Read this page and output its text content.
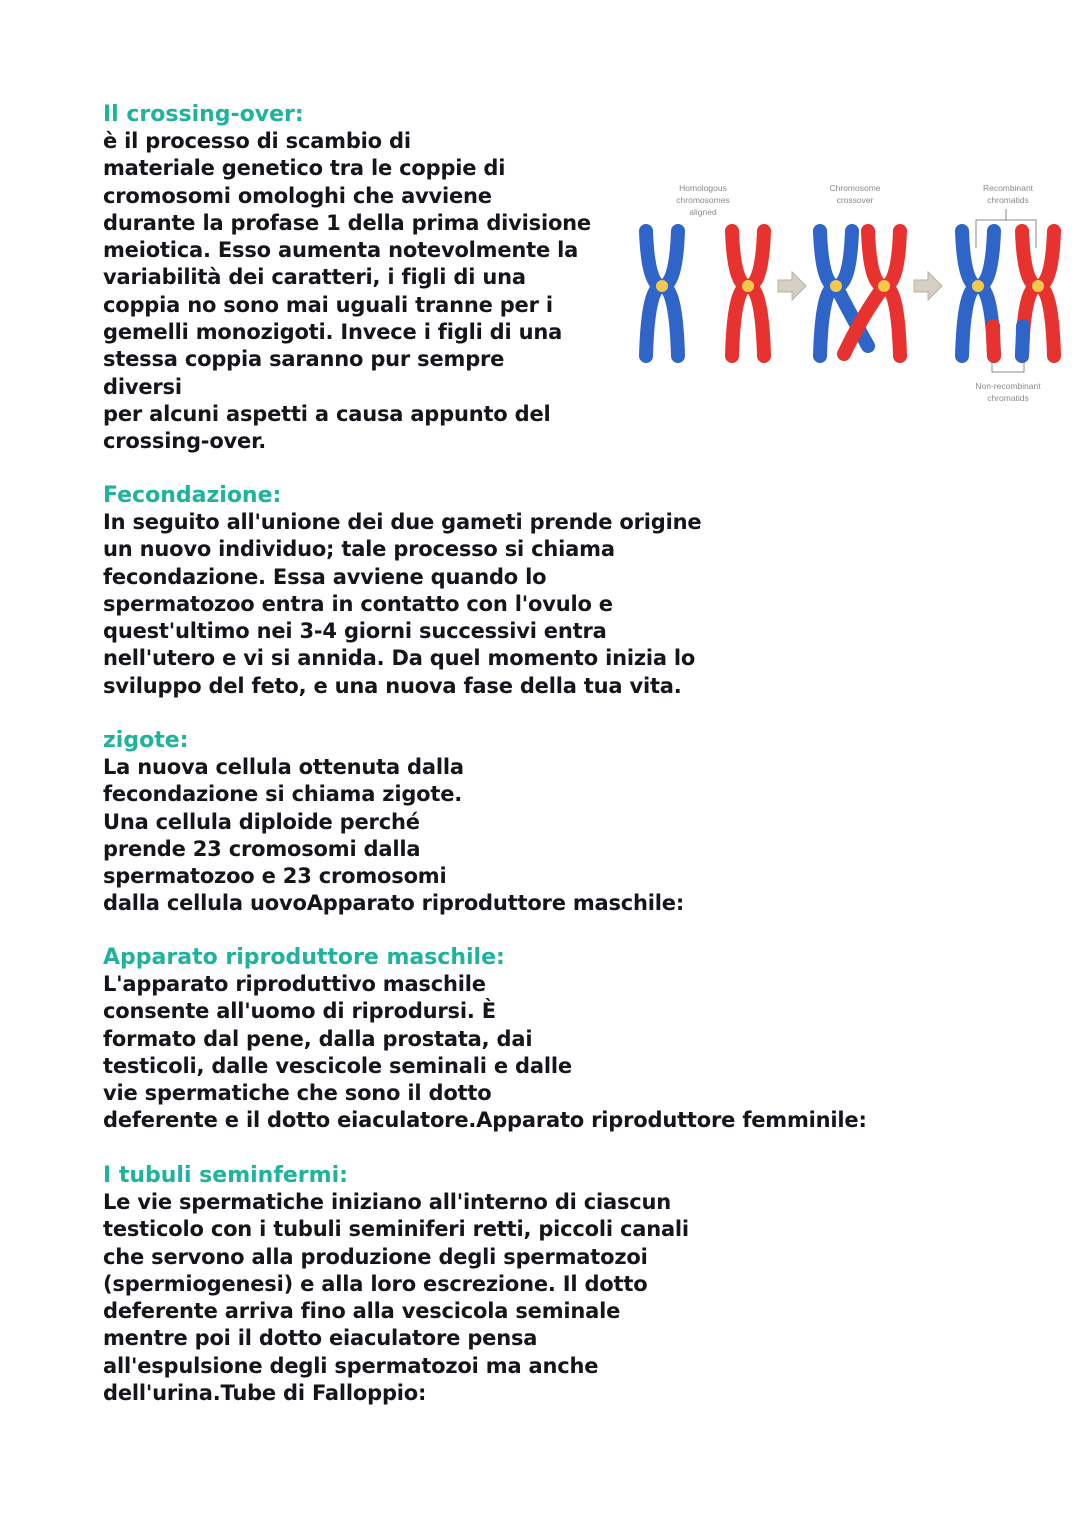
Il crossing-over:
è il processo di scambio di
materiale genetico tra le coppie di
cromosomi omologhi che avviene
durante la profase 1 della prima divisione
meiotica. Esso aumenta notevolmente la
variabilità dei caratteri, i figli di una
coppia no sono mai uguali tranne per i
gemelli monozigoti. Invece i figli di una
stessa coppia saranno pur sempre
diversi
per alcuni aspetti a causa appunto del
crossing-over.
Fecondazione:
In seguito all'unione dei due gameti prende origine
un nuovo individuo; tale processo si chiama
fecondazione. Essa avviene quando lo
spermatozoo entra in contatto con l'ovulo e
quest'ultimo nei 3-4 giorni successivi entra
nell'utero e vi si annida. Da quel momento inizia lo
sviluppo del feto, e una nuova fase della tua vita.
zigote:
La nuova cellula ottenuta dalla
fecondazione si chiama zigote.
Una cellula diploide perché
prende 23 cromosomi dalla
spermatozoo e 23 cromosomi
dalla cellula uovoApparato riproduttore maschile:
Apparato riproduttore maschile:
L'apparato riproduttivo maschile
consente all'uomo di riprodursi. È
formato dal pene, dalla prostata, dai
testicoli, dalle vescicole seminali e dalle
vie spermatiche che sono il dotto
deferente e il dotto eiaculatore.Apparato riproduttore femminile:
I tubuli seminfermi:
Le vie spermatiche iniziano all'interno di ciascun
testicolo con i tubuli seminiferi retti, piccoli canali
che servono alla produzione degli spermatozoi
(spermiogenesi) e alla loro escrezione. Il dotto
deferente arriva fino alla vescicola seminale
mentre poi il dotto eiaculatore pensa
all'espulsione degli spermatozoi ma anche
dell'urina.Tube di Falloppio:
Homologous
chromosomes
aligned
Chromosome
crossover
Recombinant
chromatids
Non-recombinant
chromatids
